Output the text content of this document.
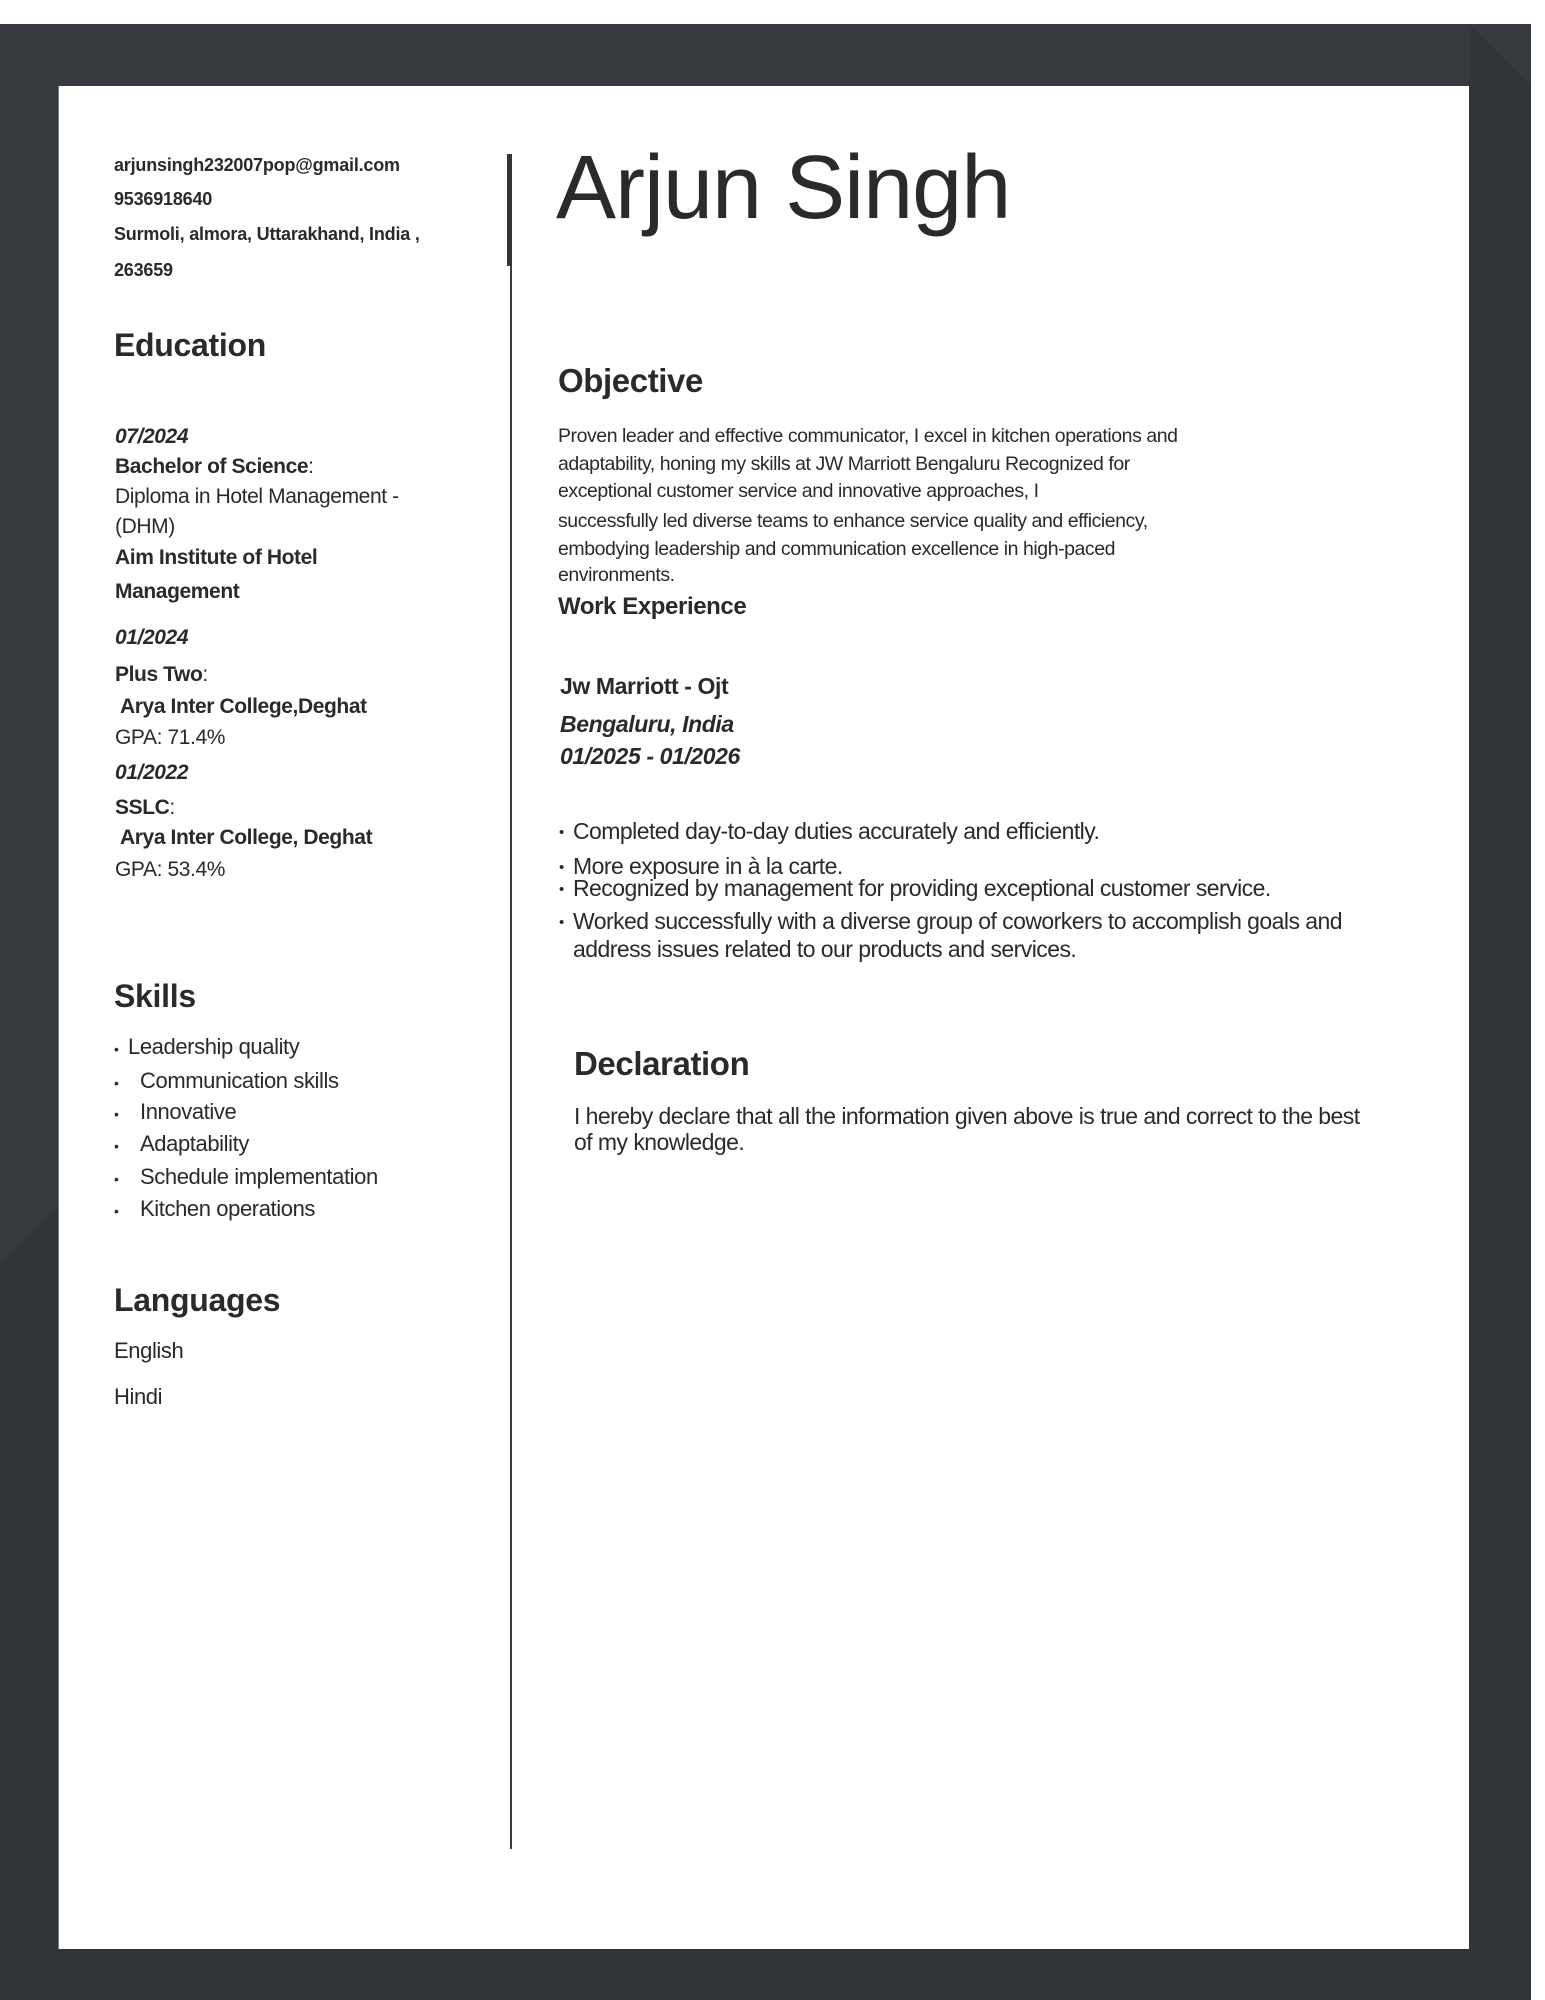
arjunsingh232007pop@gmail.com
9536918640
Surmoli, almora, Uttarakhand, India ,
263659
Education
07/2024
Bachelor of Science:
Diploma in Hotel Management -
(DHM)
Aim Institute of Hotel
Management
01/2024
Plus Two:
Arya Inter College,Deghat
GPA: 71.4%
01/2022
SSLC:
Arya Inter College, Deghat
GPA: 53.4%
Skills
• Leadership quality
• Communication skills
• Innovative
• Adaptability
• Schedule implementation
• Kitchen operations
Languages
English
Hindi
Arjun Singh
Objective
Proven leader and effective communicator, I excel in kitchen operations and
adaptability, honing my skills at JW Marriott Bengaluru Recognized for
exceptional customer service and innovative approaches, I
successfully led diverse teams to enhance service quality and efficiency,
embodying leadership and communication excellence in high-paced
environments.
Work Experience
Jw Marriott - Ojt
Bengaluru, India
01/2025 - 01/2026
• Completed day-to-day duties accurately and efficiently.
• More exposure in à la carte.
• Recognized by management for providing exceptional customer service.
• Worked successfully with a diverse group of coworkers to accomplish goals and
address issues related to our products and services.
Declaration
I hereby declare that all the information given above is true and correct to the best
of my knowledge.
